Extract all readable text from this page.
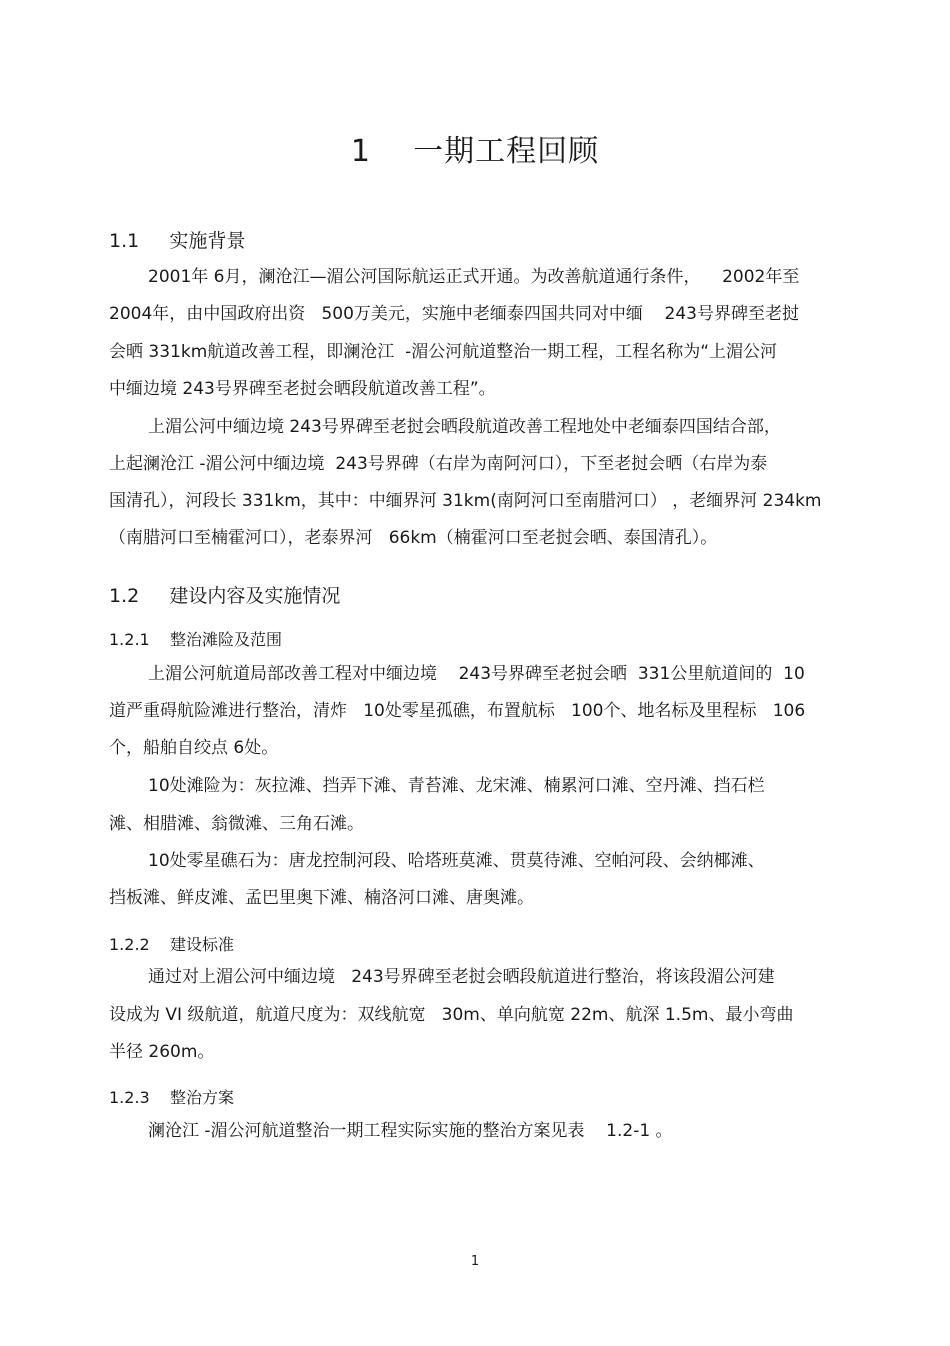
1    一期工程回顾
1.1     实施背景
2001年 6月，澜沧江—湄公河国际航运正式开通。为改善航道通行条件，    2002年至
2004年，由中国政府出资   500万美元，实施中老缅泰四国共同对中缅    243号界碑至老挝
会晒 331km航道改善工程，即澜沧江  -湄公河航道整治一期工程，工程名称为“上湄公河
中缅边境 243号界碑至老挝会晒段航道改善工程”。
上湄公河中缅边境 243号界碑至老挝会晒段航道改善工程地处中老缅泰四国结合部，
上起澜沧江 -湄公河中缅边境  243号界碑（右岸为南阿河口），下至老挝会晒（右岸为泰
国清孔），河段长 331km，其中：中缅界河 31km(南阿河口至南腊河口） ，老缅界河 234km
（南腊河口至楠霍河口），老泰界河   66km（楠霍河口至老挝会晒、泰国清孔）。
1.2     建设内容及实施情况
1.2.1    整治滩险及范围
上湄公河航道局部改善工程对中缅边境    243号界碑至老挝会晒  331公里航道间的  10
道严重碍航险滩进行整治，清炸   10处零星孤礁，布置航标   100个、地名标及里程标   106
个，船舶自绞点 6处。
10处滩险为：灰拉滩、挡弄下滩、青苔滩、龙宋滩、楠累河口滩、空丹滩、挡石栏
滩、相腊滩、翁微滩、三角石滩。
10处零星礁石为：唐龙控制河段、哈塔班莫滩、贯莫待滩、空帕河段、会纳椰滩、
挡板滩、鲜皮滩、孟巴里奥下滩、楠洛河口滩、唐奥滩。
1.2.2    建设标准
通过对上湄公河中缅边境   243号界碑至老挝会晒段航道进行整治，将该段湄公河建
设成为 VI 级航道，航道尺度为：双线航宽   30m、单向航宽 22m、航深 1.5m、最小弯曲
半径 260m。
1.2.3    整治方案
澜沧江 -湄公河航道整治一期工程实际实施的整治方案见表    1.2-1 。
1
